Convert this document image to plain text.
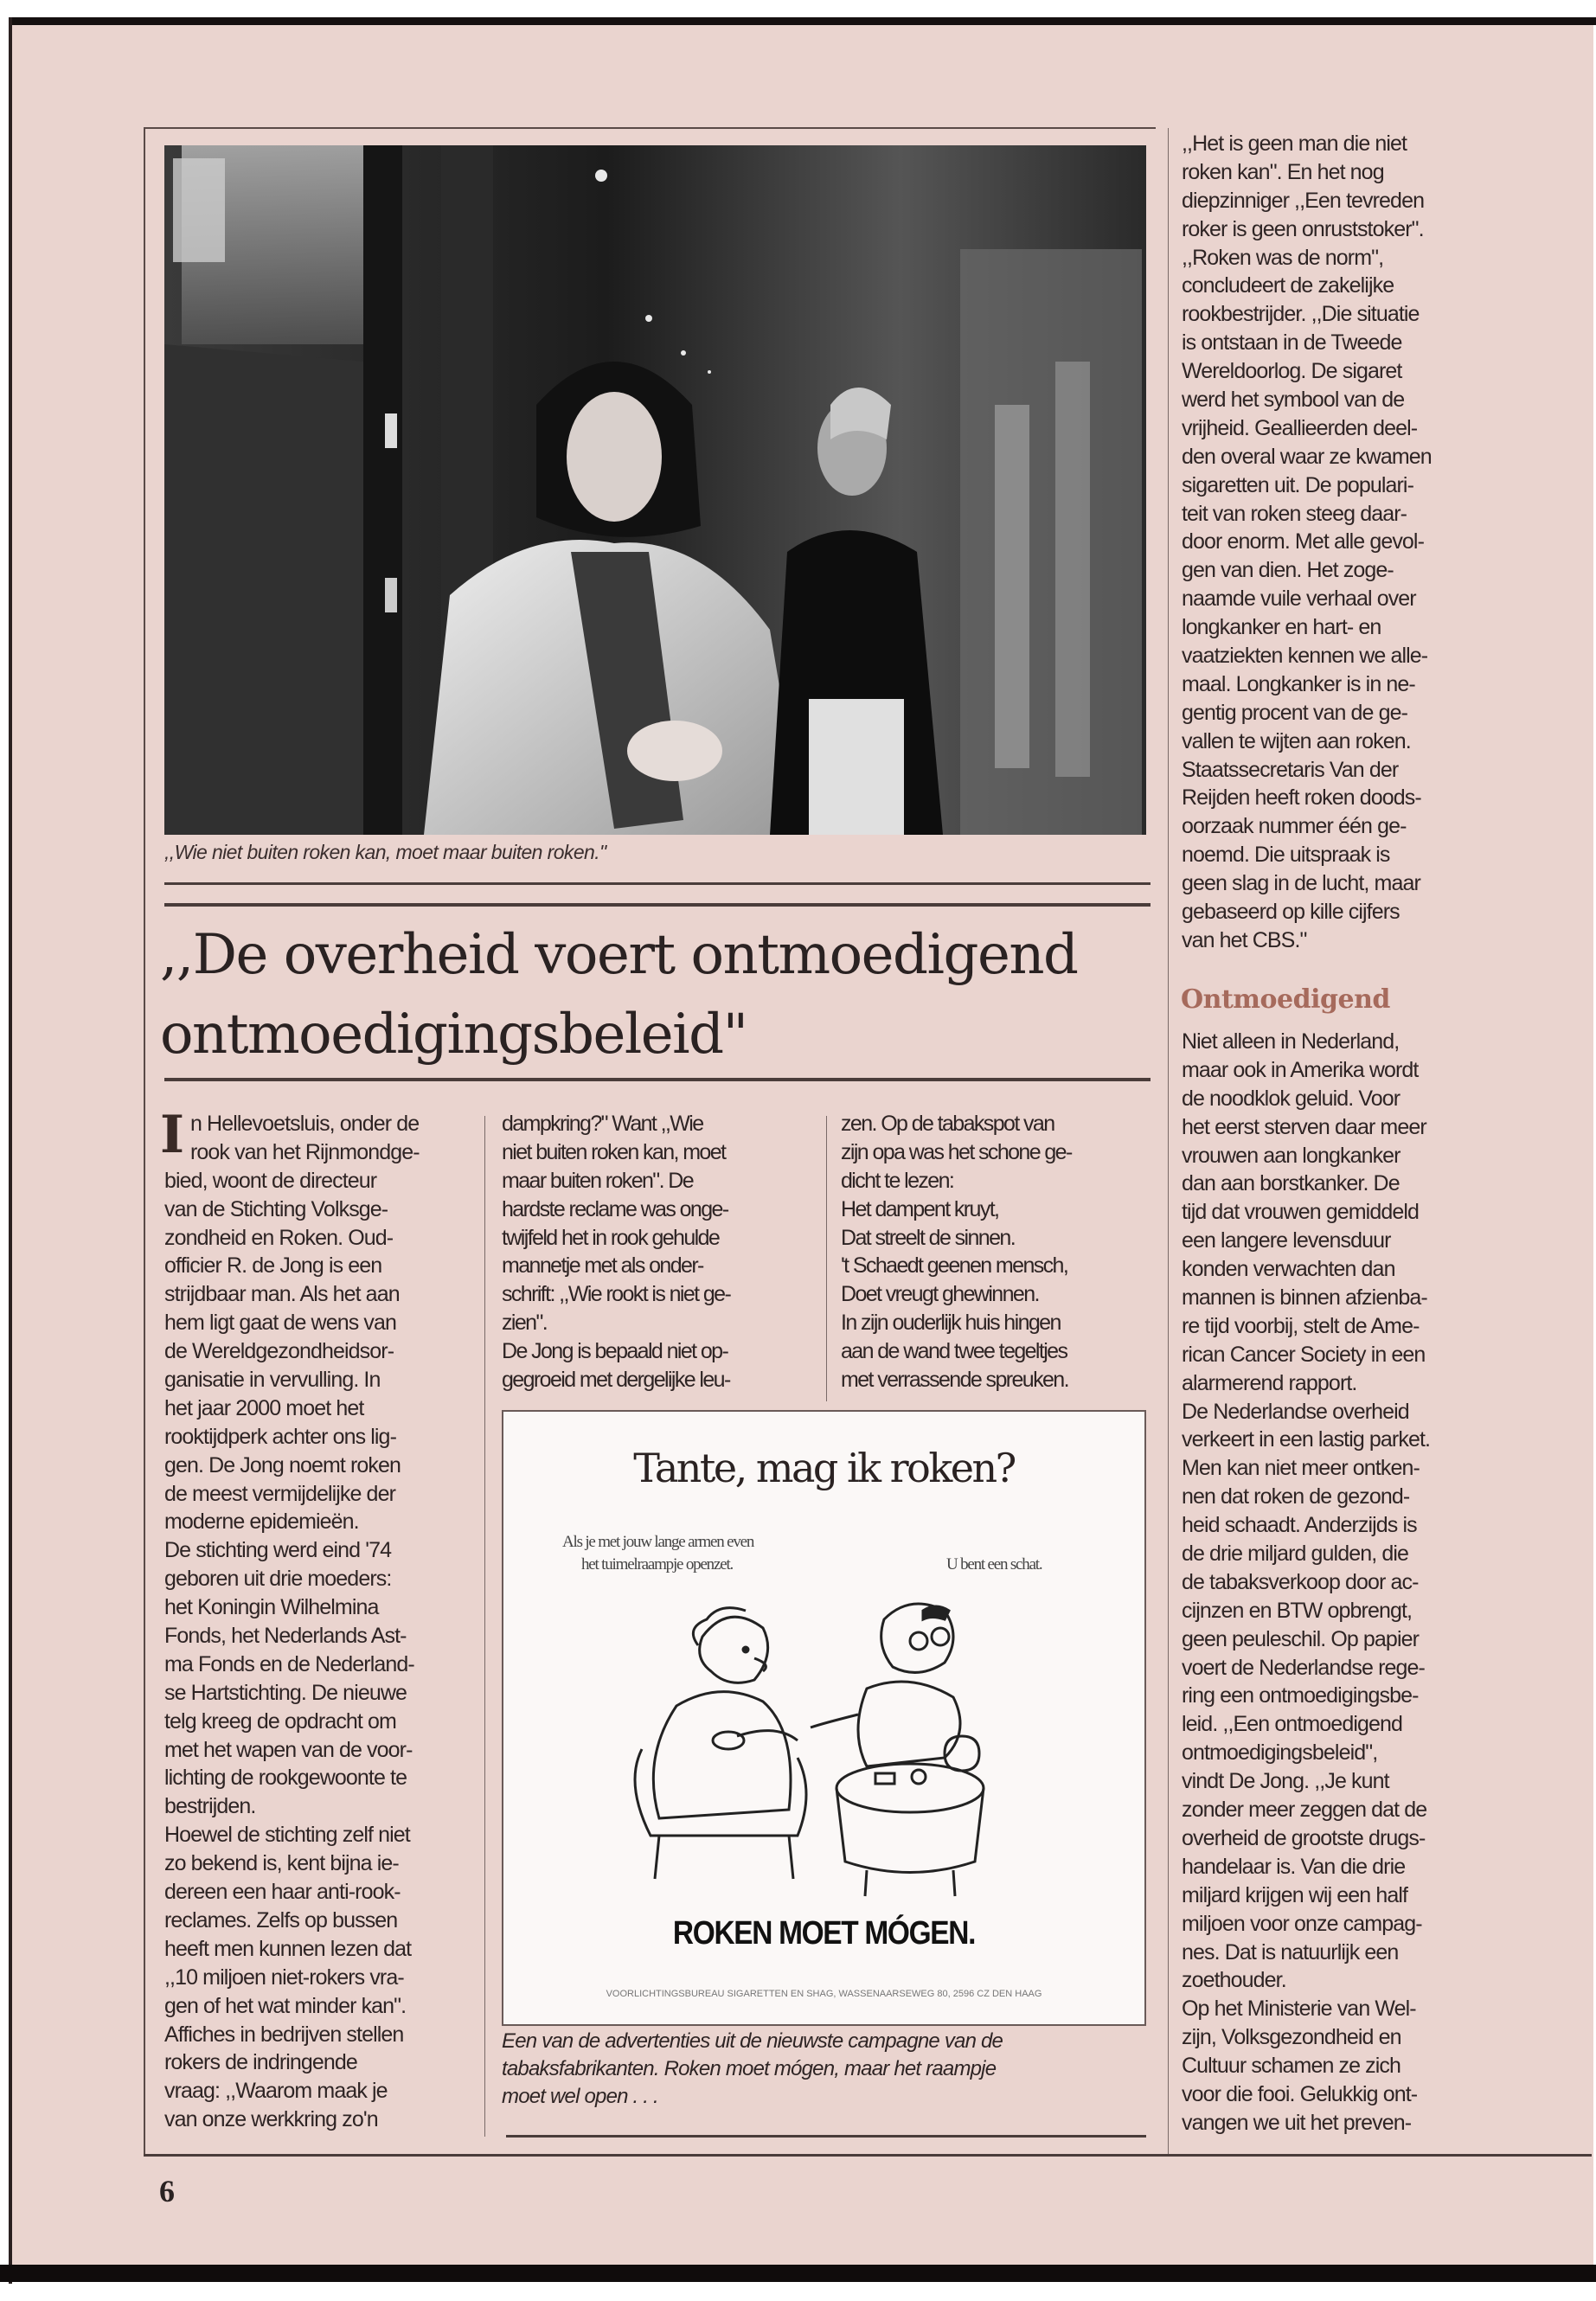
,,Wie niet buiten roken kan, moet maar buiten roken."
,,De overheid voert ontmoedigend
ontmoedigingsbeleid"
I n Hellevoetsluis, onder de
rook van het Rijnmondge-
bied, woont de directeur
van de Stichting Volksge-
zondheid en Roken. Oud-
officier R. de Jong is een
strijdbaar man. Als het aan
hem ligt gaat de wens van
de Wereldgezondheidsor-
ganisatie in vervulling. In
het jaar 2000 moet het
rooktijdperk achter ons lig-
gen. De Jong noemt roken
de meest vermijdelijke der
moderne epidemieën.
De stichting werd eind '74
geboren uit drie moeders:
het Koningin Wilhelmina
Fonds, het Nederlands Ast-
ma Fonds en de Nederland-
se Hartstichting. De nieuwe
telg kreeg de opdracht om
met het wapen van de voor-
lichting de rookgewoonte te
bestrijden.
Hoewel de stichting zelf niet
zo bekend is, kent bijna ie-
dereen een haar anti-rook-
reclames. Zelfs op bussen
heeft men kunnen lezen dat
,,10 miljoen niet-rokers vra-
gen of het wat minder kan".
Affiches in bedrijven stellen
rokers de indringende
vraag: ,,Waarom maak je
van onze werkkring zo'n
dampkring?" Want ,,Wie
niet buiten roken kan, moet
maar buiten roken". De
hardste reclame was onge-
twijfeld het in rook gehulde
mannetje met als onder-
schrift: ,,Wie rookt is niet ge-
zien".
De Jong is bepaald niet op-
gegroeid met dergelijke leu-
zen. Op de tabakspot van
zijn opa was het schone ge-
dicht te lezen:
Het dampent kruyt,
Dat streelt de sinnen.
't Schaedt geenen mensch,
Doet vreugt ghewinnen.
In zijn ouderlijk huis hingen
aan de wand twee tegeltjes
met verrassende spreuken.
,,Het is geen man die niet
roken kan". En het nog
diepzinniger ,,Een tevreden
roker is geen onruststoker".
,,Roken was de norm",
concludeert de zakelijke
rookbestrijder. ,,Die situatie
is ontstaan in de Tweede
Wereldoorlog. De sigaret
werd het symbool van de
vrijheid. Geallieerden deel-
den overal waar ze kwamen
sigaretten uit. De populari-
teit van roken steeg daar-
door enorm. Met alle gevol-
gen van dien. Het zoge-
naamde vuile verhaal over
longkanker en hart- en
vaatziekten kennen we alle-
maal. Longkanker is in ne-
gentig procent van de ge-
vallen te wijten aan roken.
Staatssecretaris Van der
Reijden heeft roken doods-
oorzaak nummer één ge-
noemd. Die uitspraak is
geen slag in de lucht, maar
gebaseerd op kille cijfers
van het CBS."
Ontmoedigend
Niet alleen in Nederland,
maar ook in Amerika wordt
de noodklok geluid. Voor
het eerst sterven daar meer
vrouwen aan longkanker
dan aan borstkanker. De
tijd dat vrouwen gemiddeld
een langere levensduur
konden verwachten dan
mannen is binnen afzienba-
re tijd voorbij, stelt de Ame-
rican Cancer Society in een
alarmerend rapport.
De Nederlandse overheid
verkeert in een lastig parket.
Men kan niet meer ontken-
nen dat roken de gezond-
heid schaadt. Anderzijds is
de drie miljard gulden, die
de tabaksverkoop door ac-
cijnzen en BTW opbrengt,
geen peuleschil. Op papier
voert de Nederlandse rege-
ring een ontmoedigingsbe-
leid. ,,Een ontmoedigend
ontmoedigingsbeleid",
vindt De Jong. ,,Je kunt
zonder meer zeggen dat de
overheid de grootste drugs-
handelaar is. Van die drie
miljard krijgen wij een half
miljoen voor onze campag-
nes. Dat is natuurlijk een
zoethouder.
Op het Ministerie van Wel-
zijn, Volksgezondheid en
Cultuur schamen ze zich
voor die fooi. Gelukkig ont-
vangen we uit het preven-
Tante, mag ik roken?
Als je met jouw lange armen even
het tuimelraampje openzet.	U bent een schat.
ROKEN MOET MÓGEN.
VOORLICHTINGSBUREAU SIGARETTEN EN SHAG, WASSENAARSEWEG 80, 2596 CZ DEN HAAG
Een van de advertenties uit de nieuwste campagne van de
tabaksfabrikanten. Roken moet mógen, maar het raampje
moet wel open . . .
6
